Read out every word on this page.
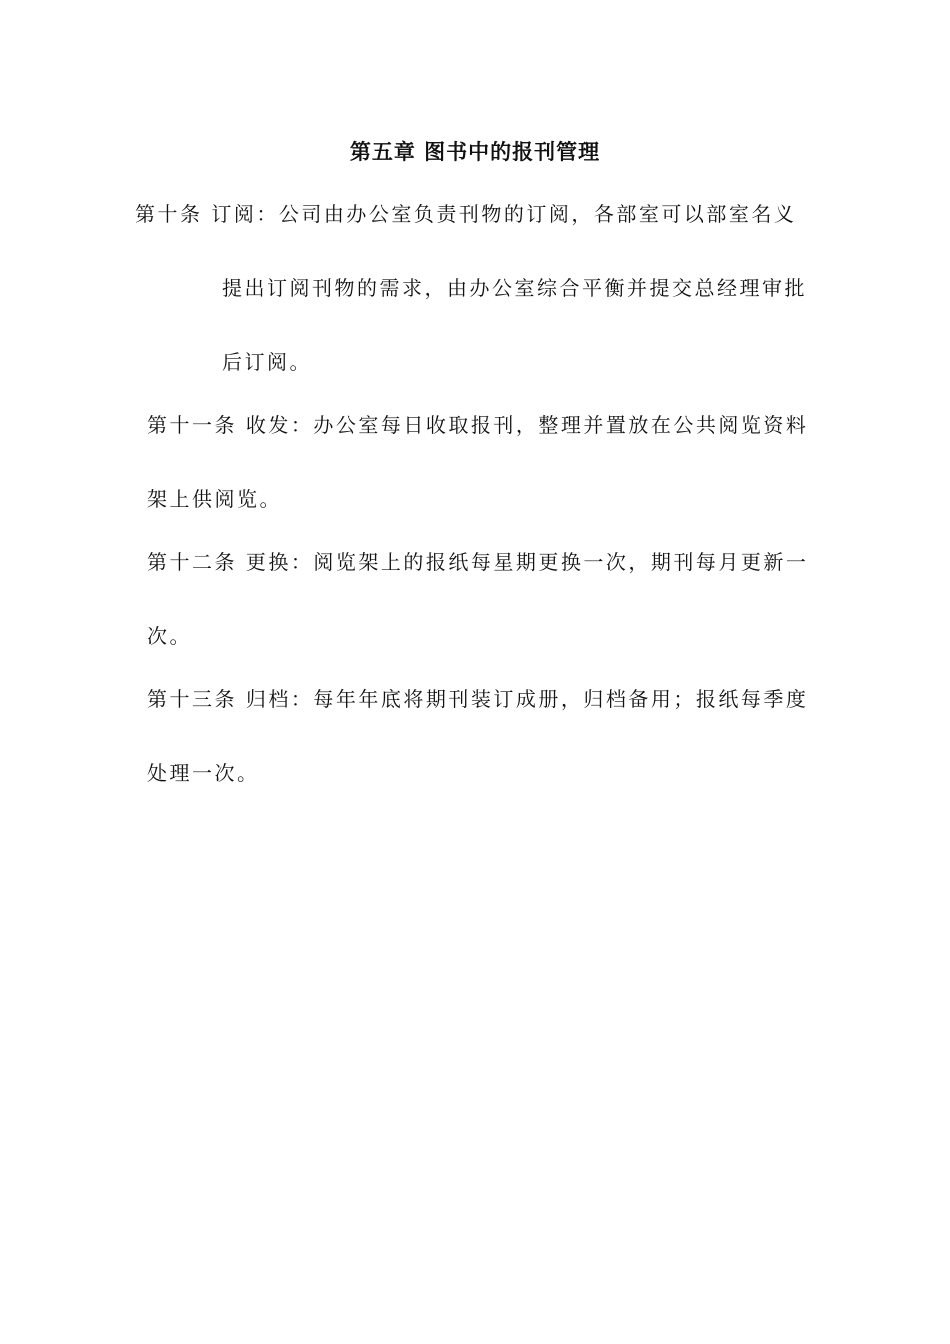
第五章 图书中的报刊管理
第十条 订阅：公司由办公室负责刊物的订阅，各部室可以部室名义
提出订阅刊物的需求，由办公室综合平衡并提交总经理审批
后订阅。
第十一条 收发：办公室每日收取报刊，整理并置放在公共阅览资料
架上供阅览。
第十二条 更换：阅览架上的报纸每星期更换一次，期刊每月更新一
次。
第十三条 归档：每年年底将期刊装订成册，归档备用；报纸每季度
处理一次。
